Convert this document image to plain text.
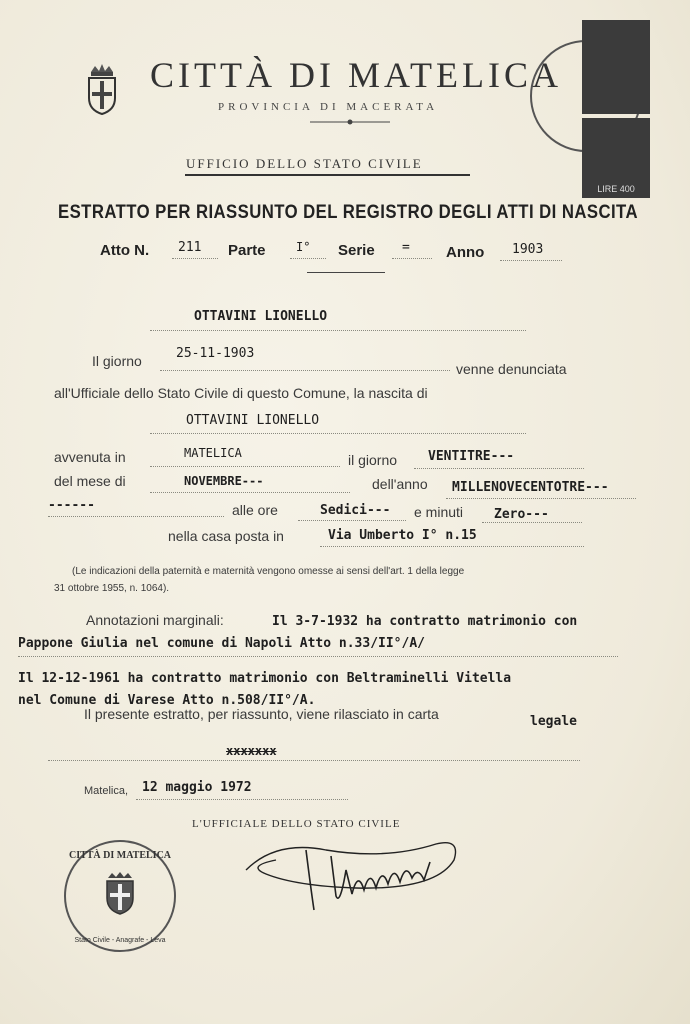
CITTÀ DI MATELICA
PROVINCIA DI MACERATA
LIRE 400
UFFICIO DELLO STATO CIVILE
ESTRATTO PER RIASSUNTO DEL REGISTRO DEGLI ATTI DI NASCITA
Atto N. 211 Parte	I° Serie = Anno 1903
OTTAVINI LIONELLO
Il giorno	25-11-1903
venne denunciata
all'Ufficiale dello Stato Civile di questo Comune, la nascita di
OTTAVINI LIONELLO
avvenuta in	MATELICA	il giorno VENTITRE---
del mese di	NOVEMBRE---	dell'anno MILLENOVECENTOTRE---
------	alle ore	Sedici--- e minuti Zero---
nella casa posta in	Via Umberto I° n.15
(Le indicazioni della paternità e maternità vengono omesse ai sensi dell'art. 1 della legge
31 ottobre 1955, n. 1064).
Annotazioni marginali:	Il 3-7-1932 ha contratto matrimonio con
Pappone Giulia nel comune di Napoli Atto n.33/II°/A/
Il 12-12-1961 ha contratto matrimonio con Beltraminelli Vitella
nel Comune di Varese Atto n.508/II°/A.
Il presente estratto, per riassunto, viene rilasciato in carta	legale
xxxxxxx
Matelica, 12 maggio 1972
L'UFFICIALE DELLO STATO CIVILE
CITTÀ DI MATELICA
Stato Civile - Anagrafe - Leva
